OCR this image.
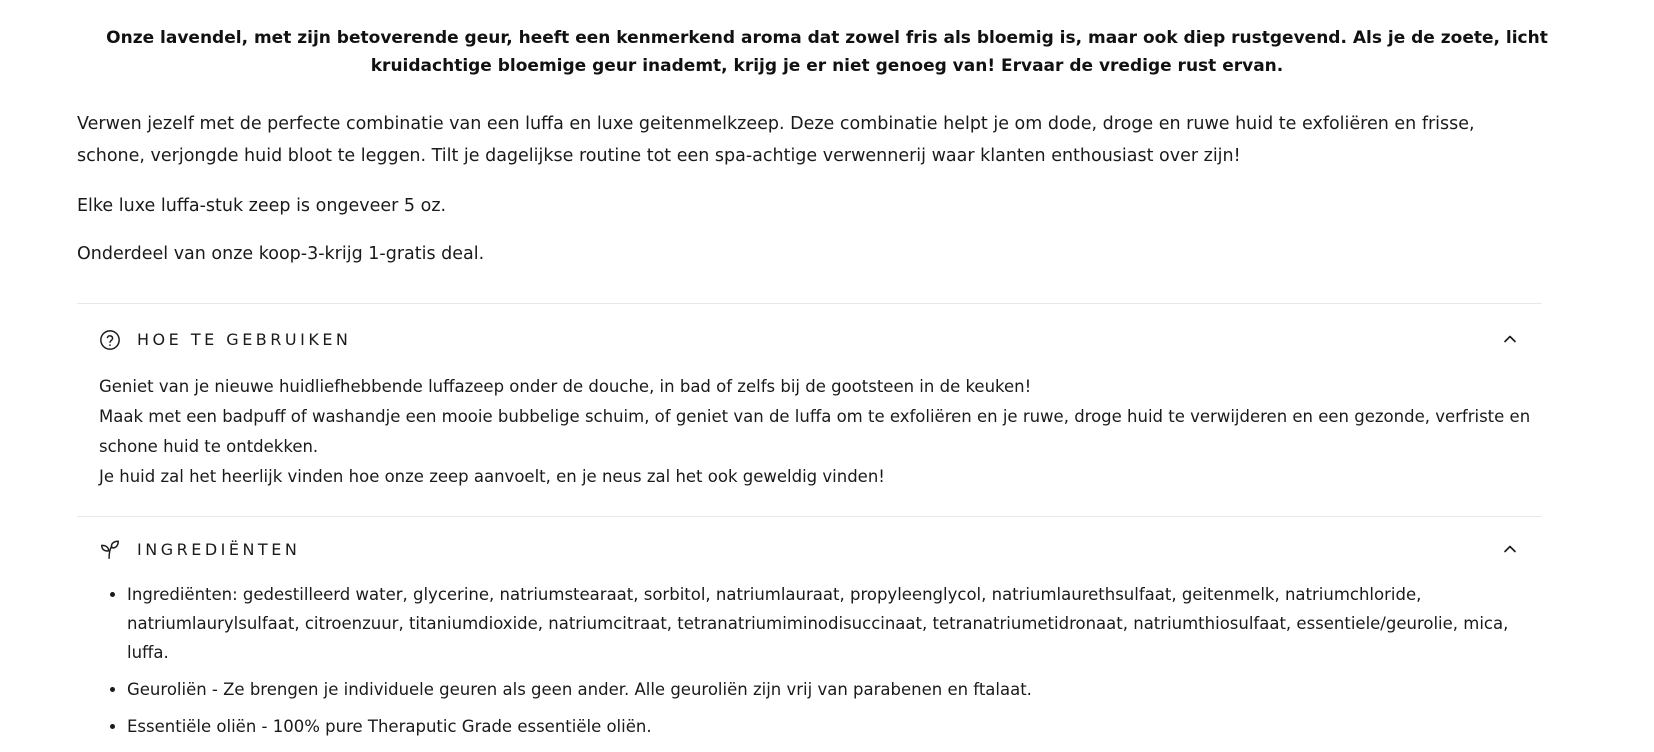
Onze lavendel, met zijn betoverende geur, heeft een kenmerkend aroma dat zowel fris als bloemig is, maar ook diep rustgevend. Als je de zoete, licht kruidachtige bloemige geur inademt, krijg je er niet genoeg van! Ervaar de vredige rust ervan.
Verwen jezelf met de perfecte combinatie van een luffa en luxe geitenmelkzeep. Deze combinatie helpt je om dode, droge en ruwe huid te exfoliëren en frisse, schone, verjongde huid bloot te leggen. Tilt je dagelijkse routine tot een spa-achtige verwennerij waar klanten enthousiast over zijn!
Elke luxe luffa-stuk zeep is ongeveer 5 oz.
Onderdeel van onze koop-3-krijg 1-gratis deal.
HOE TE GEBRUIKEN
Geniet van je nieuwe huidliefhebbende luffazeep onder de douche, in bad of zelfs bij de gootsteen in de keuken!
Maak met een badpuff of washandje een mooie bubbelige schuim, of geniet van de luffa om te exfoliëren en je ruwe, droge huid te verwijderen en een gezonde, verfriste en schone huid te ontdekken.
Je huid zal het heerlijk vinden hoe onze zeep aanvoelt, en je neus zal het ook geweldig vinden!
INGREDIËNTEN
• Ingrediënten: gedestilleerd water, glycerine, natriumstearaat, sorbitol, natriumlauraat, propyleenglycol, natriumlaurethsulfaat, geitenmelk, natriumchloride, natriumlaurylsulfaat, citroenzuur, titaniumdioxide, natriumcitraat, tetranatriumiminodisuccinaat, tetranatriumetidronaat, natriumthiosulfaat, essentiele/geurolie, mica, luffa.
• Geuroliën - Ze brengen je individuele geuren als geen ander. Alle geuroliën zijn vrij van parabenen en ftalaat.
• Essentiële oliën - 100% pure Theraputic Grade essentiële oliën.
